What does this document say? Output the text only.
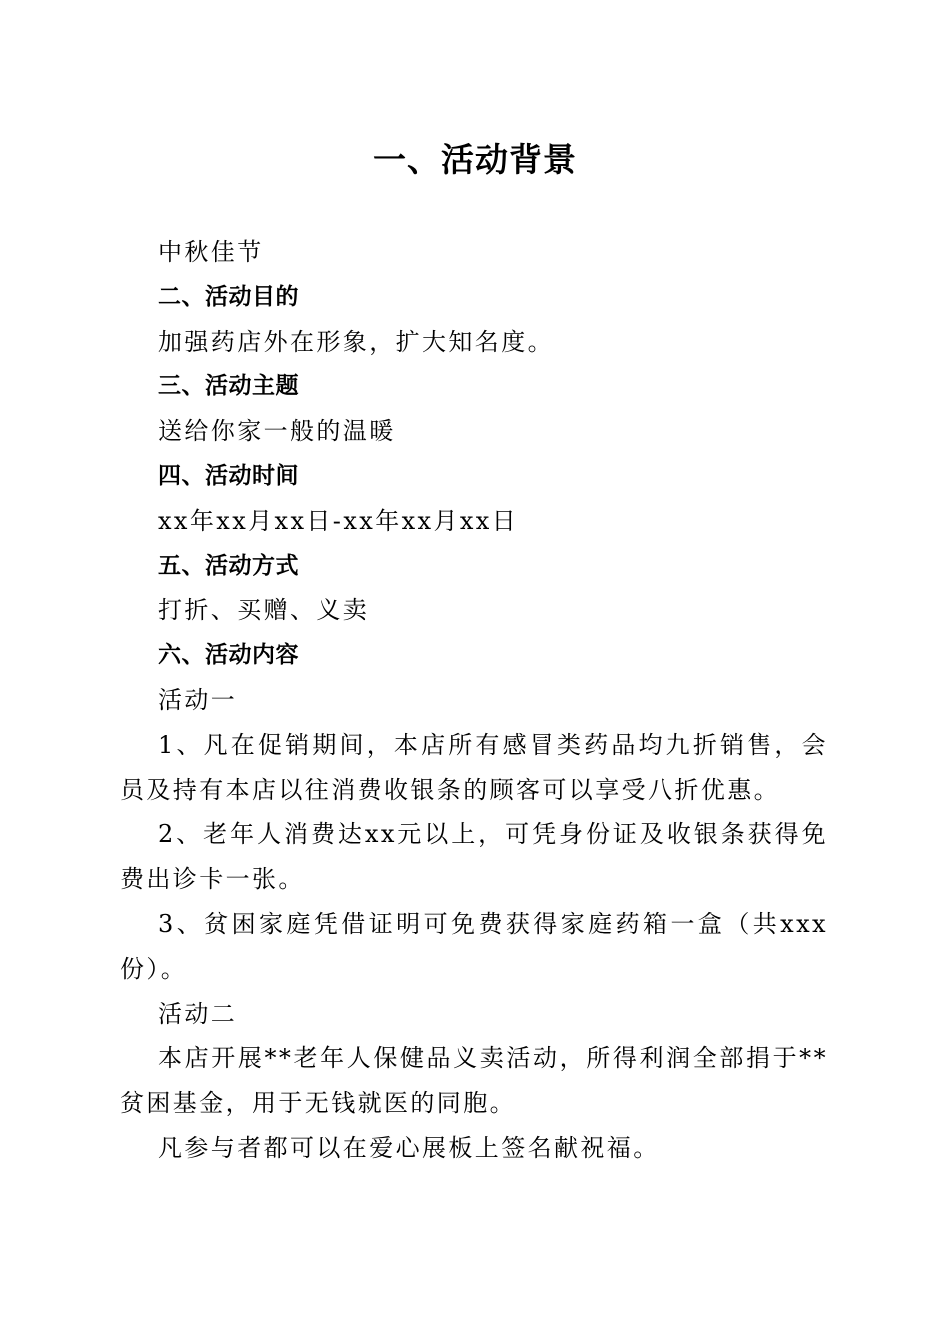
一、活动背景

中秋佳节

二、活动目的

加强药店外在形象，扩大知名度。

三、活动主题

送给你家一般的温暖

四、活动时间

xx年xx月xx日-xx年xx月xx日

五、活动方式

打折、买赠、义卖

六、活动内容

活动一

1、凡在促销期间，本店所有感冒类药品均九折销售，会员及持有本店以往消费收银条的顾客可以享受八折优惠。

2、老年人消费达xx元以上，可凭身份证及收银条获得免费出诊卡一张。

3、贫困家庭凭借证明可免费获得家庭药箱一盒（共xxx份）。

活动二

本店开展**老年人保健品义卖活动，所得利润全部捐于**贫困基金，用于无钱就医的同胞。

凡参与者都可以在爱心展板上签名献祝福。
